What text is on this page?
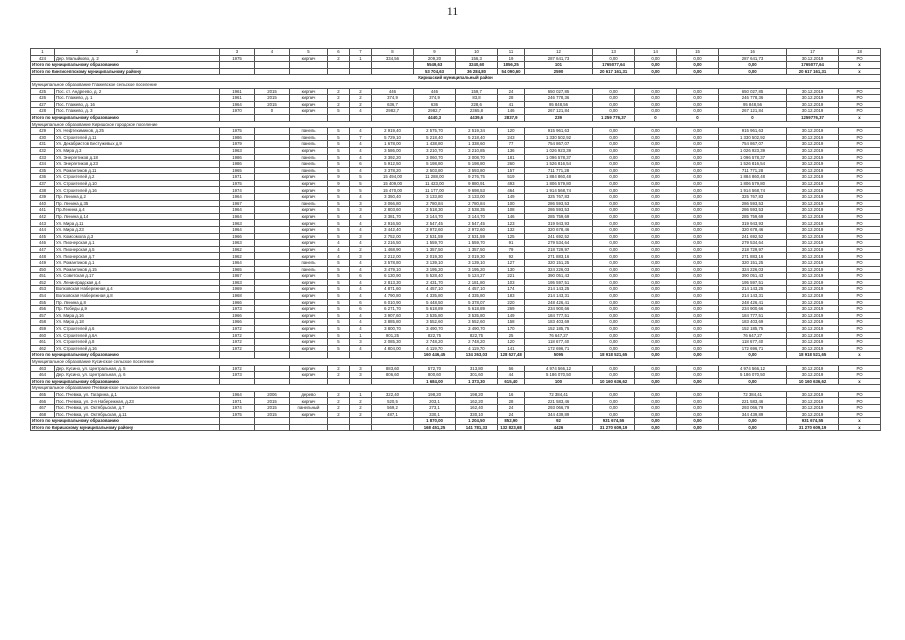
11
1	2	3	4	5	6	7	8	9	10	11	12	13	14	15	16	17	18	
424	Дер. Малыйково, д. 2	1975		кирпич	2	1	334,56	209,20	156,3	19	287 641,73	0,00	0,00	0,00	287 641,73	30.12.2019	РО	
Итого по муниципальному образованию								5549,63	3240,60	1856,25	101	1765077,64	0,00	0,00	0,00	1765077,64	x	
Итого по Кингисеппскому муниципальному району								53 704,63	36 284,80	54 090,60	2590	20 617 161,31	0,00	0,00	0,00	20 617 161,31	x	
Киришский муниципальный район																		
Муниципальное образование Глажевское сельское поселение																		
425	Пос. ст. Андреево, д. 2	1961	2015	кирпич	2	2	446	446	159,7	24	650 027,85	0,00	0,00	0,00	650 027,85	30.12.2019	РО	
426	Пос. Глажево, д. 1	1961	2015	кирпич	2	2	374,9	374,9	83,8	28	246 778,36	0,00	0,00	0,00	246 778,36	30.12.2019	РО	
427	Пос. Глажево, д. 16	1964	2015	кирпич	2	2	636,7	636	228,6	41	95 848,56	0,00	0,00	0,00	95 848,56	30.12.2019	РО	
428	Пос. Глажево, д. 3	1970	0	кирпич	5	4	2982,7	2982,7	2365,8	146	267 121,84	0,00	0,00	0,00	267 121,84	30.12.2019	РО	
Итого по муниципальному образованию								4440,3	4439,6	2837,9	239	1 259 776,37	0	0	0	1259776,37	x	
Муниципальное образование Киришское городское поселение																		
429	Ул. Нефтехимиков, д.25	1975		панель	5	4	2 919,40	2 575,70	2 519,34	120	915 961,63	0,00	0,00	0,00	915 961,63	30.12.2019	РО	
430	Ул. Строителей д.11	1986		панель	5	7	5 729,10	5 218,40	5 218,40	243	1 330 502,92	0,00	0,00	0,00	1 330 502,92	30.12.2019	РО	
431	Ул. Декабристов Бестужевых д.9	1979		панель	5	4	1 678,00	1 438,80	1 338,60	77	754 867,07	0,00	0,00	0,00	754 867,07	30.12.2019	РО	
432	Ул. Мира д.3	1963		кирпич	5	4	3 586,00	3 210,70	3 210,85	136	1 026 923,39	0,00	0,00	0,00	1 026 923,39	30.12.2019	РО	
433	Ул. Энергетиков д.18	1986		панель	5	4	3 392,20	3 060,70	3 008,70	181	1 096 578,37	0,00	0,00	0,00	1 096 578,37	30.12.2019	РО	
434	Ул. Энергетиков д.23	1986		панель	5	6	5 912,50	5 198,80	5 198,80	260	1 526 816,54	0,00	0,00	0,00	1 526 816,54	30.12.2019	РО	
435	Ул. Романтиков д.11	1965		панель	5	4	3 378,20	2 503,80	3 593,80	157	711 771,28	0,00	0,00	0,00	711 771,28	30.12.2019	РО	
436	Ул. Строителей д.2	1971		кирпич	9	5	15 494,00	11 288,00	9 276,75	519	1 884 860,48	0,00	0,00	0,00	1 884 860,48	30.12.2019	РО	
437	Ул. Строителей д.10	1975		кирпич	9	5	15 409,00	11 423,00	9 880,91	493	1 806 579,80	0,00	0,00	0,00	1 806 579,80	30.12.2019	РО	
438	Ул. Строителей д.16	1974		кирпич	9	5	15 470,00	11 177,00	9 698,53	464	1 914 568,74	0,00	0,00	0,00	1 914 568,74	30.12.2019	РО	
439	Пр. Ленина д.2	1964		кирпич	5	4	3 350,40	3 133,80	3 133,00	149	325 767,83	0,00	0,00	0,00	325 767,83	30.12.2019	РО	
440	Пр. Ленина д.35	1967		панель	5	3	3 066,80	2 780,84	2 780,84	100	286 593,53	0,00	0,00	0,00	286 593,53	30.12.2019	РО	
441	Пр.Ленина д.4	1964		кирпич	5	3	2 803,60	2 518,30	2 538,35	108	286 593,53	0,00	0,00	0,00	286 593,53	30.12.2019	РО	
442	Пр. Ленина д.14	1964		кирпич	5	4	3 381,70	3 144,70	3 144,70	146	285 759,69	0,00	0,00	0,00	285 759,69	30.12.2019	РО	
443	Ул. Мира д.11	1963		кирпич	5	4	2 916,50	2 547,45	2 547,45	123	319 943,93	0,00	0,00	0,00	319 943,93	30.12.2019	РО	
444	Ул. Мира д.23	1964		кирпич	5	4	3 442,40	2 972,60	2 972,60	132	320 678,46	0,00	0,00	0,00	320 678,46	30.12.2019	РО	
445	Ул. Комсомола д.3	1966		кирпич	5	3	2 752,00	2 531,59	2 531,59	125	241 692,52	0,00	0,00	0,00	241 692,52	30.12.2019	РО	
446	Ул. Пионерская д.1	1963		кирпич	4	4	2 216,50	1 559,70	1 559,70	91	279 534,64	0,00	0,00	0,00	279 534,64	30.12.2019	РО	
447	Ул. Пионерская д.5	1962		кирпич	4	2	1 468,90	1 357,50	1 357,50	79	218 729,97	0,00	0,00	0,00	218 729,97	30.12.2019	РО	
448	Ул. Пионерская д.7	1962		кирпич	4	3	2 212,00	2 019,30	2 019,30	92	271 883,16	0,00	0,00	0,00	271 883,16	30.12.2019	РО	
449	Ул. Романтиков д.1	1964		панель	5	4	3 578,80	3 139,10	3 139,10	127	320 151,25	0,00	0,00	0,00	320 151,25	30.12.2019	РО	
450	Ул. Романтиков д.15	1965		панель	5	4	3 479,10	3 195,20	3 195,20	130	324 226,03	0,00	0,00	0,00	324 226,03	30.12.2019	РО	
451	Ул. Советская д.17	1967		кирпич	5	6	6 130,90	5 528,40	5 124,27	221	390 051,43	0,00	0,00	0,00	390 051,43	30.12.2019	РО	
452	Ул. Ленинградская д.4	1963		кирпич	5	4	2 813,30	2 431,70	2 181,80	103	195 597,51	0,00	0,00	0,00	195 597,51	30.12.2019	РО	
453	Волховская Набережная д.4	1969		кирпич	5	4	4 871,60	4 457,10	4 457,10	174	214 143,25	0,00	0,00	0,00	214 143,25	30.12.2019	РО	
454	Волховская Набережная д.8	1968		кирпич	5	4	4 790,80	4 335,80	4 335,80	183	214 143,31	0,00	0,00	0,00	214 143,31	30.12.2019	РО	
455	Пр. Ленина д.8	1966		кирпич	5	6	6 010,90	5 448,50	5 378,07	220	248 426,41	0,00	0,00	0,00	248 426,41	30.12.2019	РО	
456	Пр. Победы д.9	1973		кирпич	5	6	6 271,70	5 618,89	5 618,89	269	234 900,66	0,00	0,00	0,00	234 900,66	30.12.2019	РО	
457	Ул. Мира д.16	1966		кирпич	5	4	3 907,60	3 535,80	3 535,80	149	184 777,51	0,00	0,00	0,00	184 777,51	30.12.2019	РО	
458	Ул. Мира д.18	1966		кирпич	5	4	3 885,80	3 552,60	3 552,60	158	183 403,69	0,00	0,00	0,00	183 403,69	30.12.2019	РО	
459	Ул. Строителей д.6	1972		кирпич	5	4	3 800,70	3 490,70	3 490,70	170	152 185,75	0,00	0,00	0,00	152 185,75	30.12.2019	РО	
460	Ул. Строителей д.6А	1972		кирпич	5	1	901,25	822,75	822,75	25	76 647,27	0,00	0,00	0,00	76 647,27	30.12.2019	РО	
461	Ул. Строителей д.8	1972		кирпич	5	3	2 085,30	2 748,20	2 748,20	120	118 677,40	0,00	0,00	0,00	118 677,40	30.12.2019	РО	
462	Ул. Строителей д.16	1972		кирпич	5	4	4 804,00	4 119,70	4 119,70	141	172 696,71	0,00	0,00	0,00	172 696,71	30.12.2019	РО	
Итого по муниципальному образованию								160 446,45	134 263,03	128 527,48	5095	18 918 521,65	0,00	0,00	0,00	18 918 521,65	x	
Муниципальное образование Кусинское сельское поселение																		
463	Дер. Кусино, ул. Центральная, д. 5	1972		кирпич	2	3	883,60	572,70	313,80	56	4 974 566,12	0,00	0,00	0,00	4 974 566,12	30.12.2019	РО	
464	Дер. Кусино, ул. Центральная, д. 6	1973		кирпич	2	3	806,60	800,60	301,60	44	5 186 070,50	0,00	0,00	0,00	5 186 070,50	30.12.2019	РО	
Итого по муниципальному образованию								1 684,00	1 373,30	615,40	100	10 160 636,62	0,00	0,00	0,00	10 160 636,62	x	
Муниципальное образование Пчевжинское сельское поселение																		
465	Пос. Пчевжа, ул. Гагарина, д.1	1964	2006	дерево	2	1	322,40	198,20	198,20	16	72 384,41	0,00	0,00	0,00	72 384,41	30.12.2019	РО	
466	Пос. Пчевжа, ул. 2-я Набережная, д.23	1971	2015	кирпич	2	2	520,5	203,1	162,20	28	221 583,46	0,00	0,00	0,00	221 583,46	30.12.2019	РО	
467	Пос. Пчевжа, ул. Октябрьская, д.7	1974	2015	панельный	2	2	569,2	273,1	162,40	24	293 066,79	0,00	0,00	0,00	293 066,79	30.12.2019	РО	
468	Пос. Пчевжа, ул. Октябрьская, д.11	1975	2015	кирпич	2	2	487,1	330,1	330,10	24	344 439,89	0,00	0,00	0,00	344 439,89	30.12.2019	РО	
Итого по муниципальному образованию								1 870,00	1 204,50	852,90	92	931 674,55	0,00	0,00	0,00	931 674,55	x	
Итого по Киришскому муниципальному району								168 451,25	141 781,33	132 823,68	4426	31 270 609,19	0,00	0,00	0,00	31 270 609,19	x	
